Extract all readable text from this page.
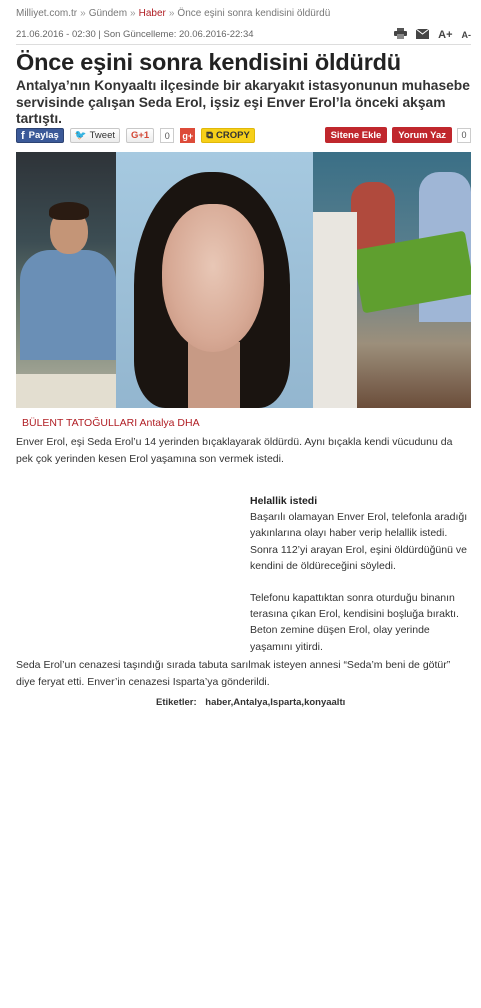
Milliyet.com.tr » Gündem » Haber » Önce eşini sonra kendisini öldürdü
21.06.2016 - 02:30 | Son Güncelleme: 20.06.2016-22:34	A+ A-
Önce eşini sonra kendisini öldürdü

Antalya’nın Konyaaltı ilçesinde bir akaryakıt istasyonunun muhasebe servisinde çalışan Seda Erol, işsiz eşi Enver Erol’la önceki akşam tartıştı.

f Paylaş 🐦 Tweet	G+1	0	g+ ⧉ CROPY	Sitene Ekle	Yorum Yaz	0
BÜLENT TATOĞULLARI Antalya DHA

Enver Erol, eşi Seda Erol’u 14 yerinden bıçaklayarak öldürdü. Aynı bıçakla kendi vücudunu da pek çok yerinden kesen Erol yaşamına son vermek istedi.

Helallik istedi

Başarılı olamayan Enver Erol, telefonla aradığı yakınlarına olayı haber verip helallik istedi. Sonra 112’yi arayan Erol, eşini öldürdüğünü ve kendini de öldüreceğini söyledi.

Telefonu kapattıktan sonra oturduğu binanın terasına çıkan Erol, kendisini boşluğa bıraktı. Beton zemine düşen Erol, olay yerinde yaşamını yitirdi.

Seda Erol’un cenazesi taşındığı sırada tabuta sarılmak isteyen annesi “Seda’m beni de götür” diye feryat etti. Enver’in cenazesi Isparta’ya gönderildi.

Etiketler: haber,Antalya,Isparta,konyaaltı
